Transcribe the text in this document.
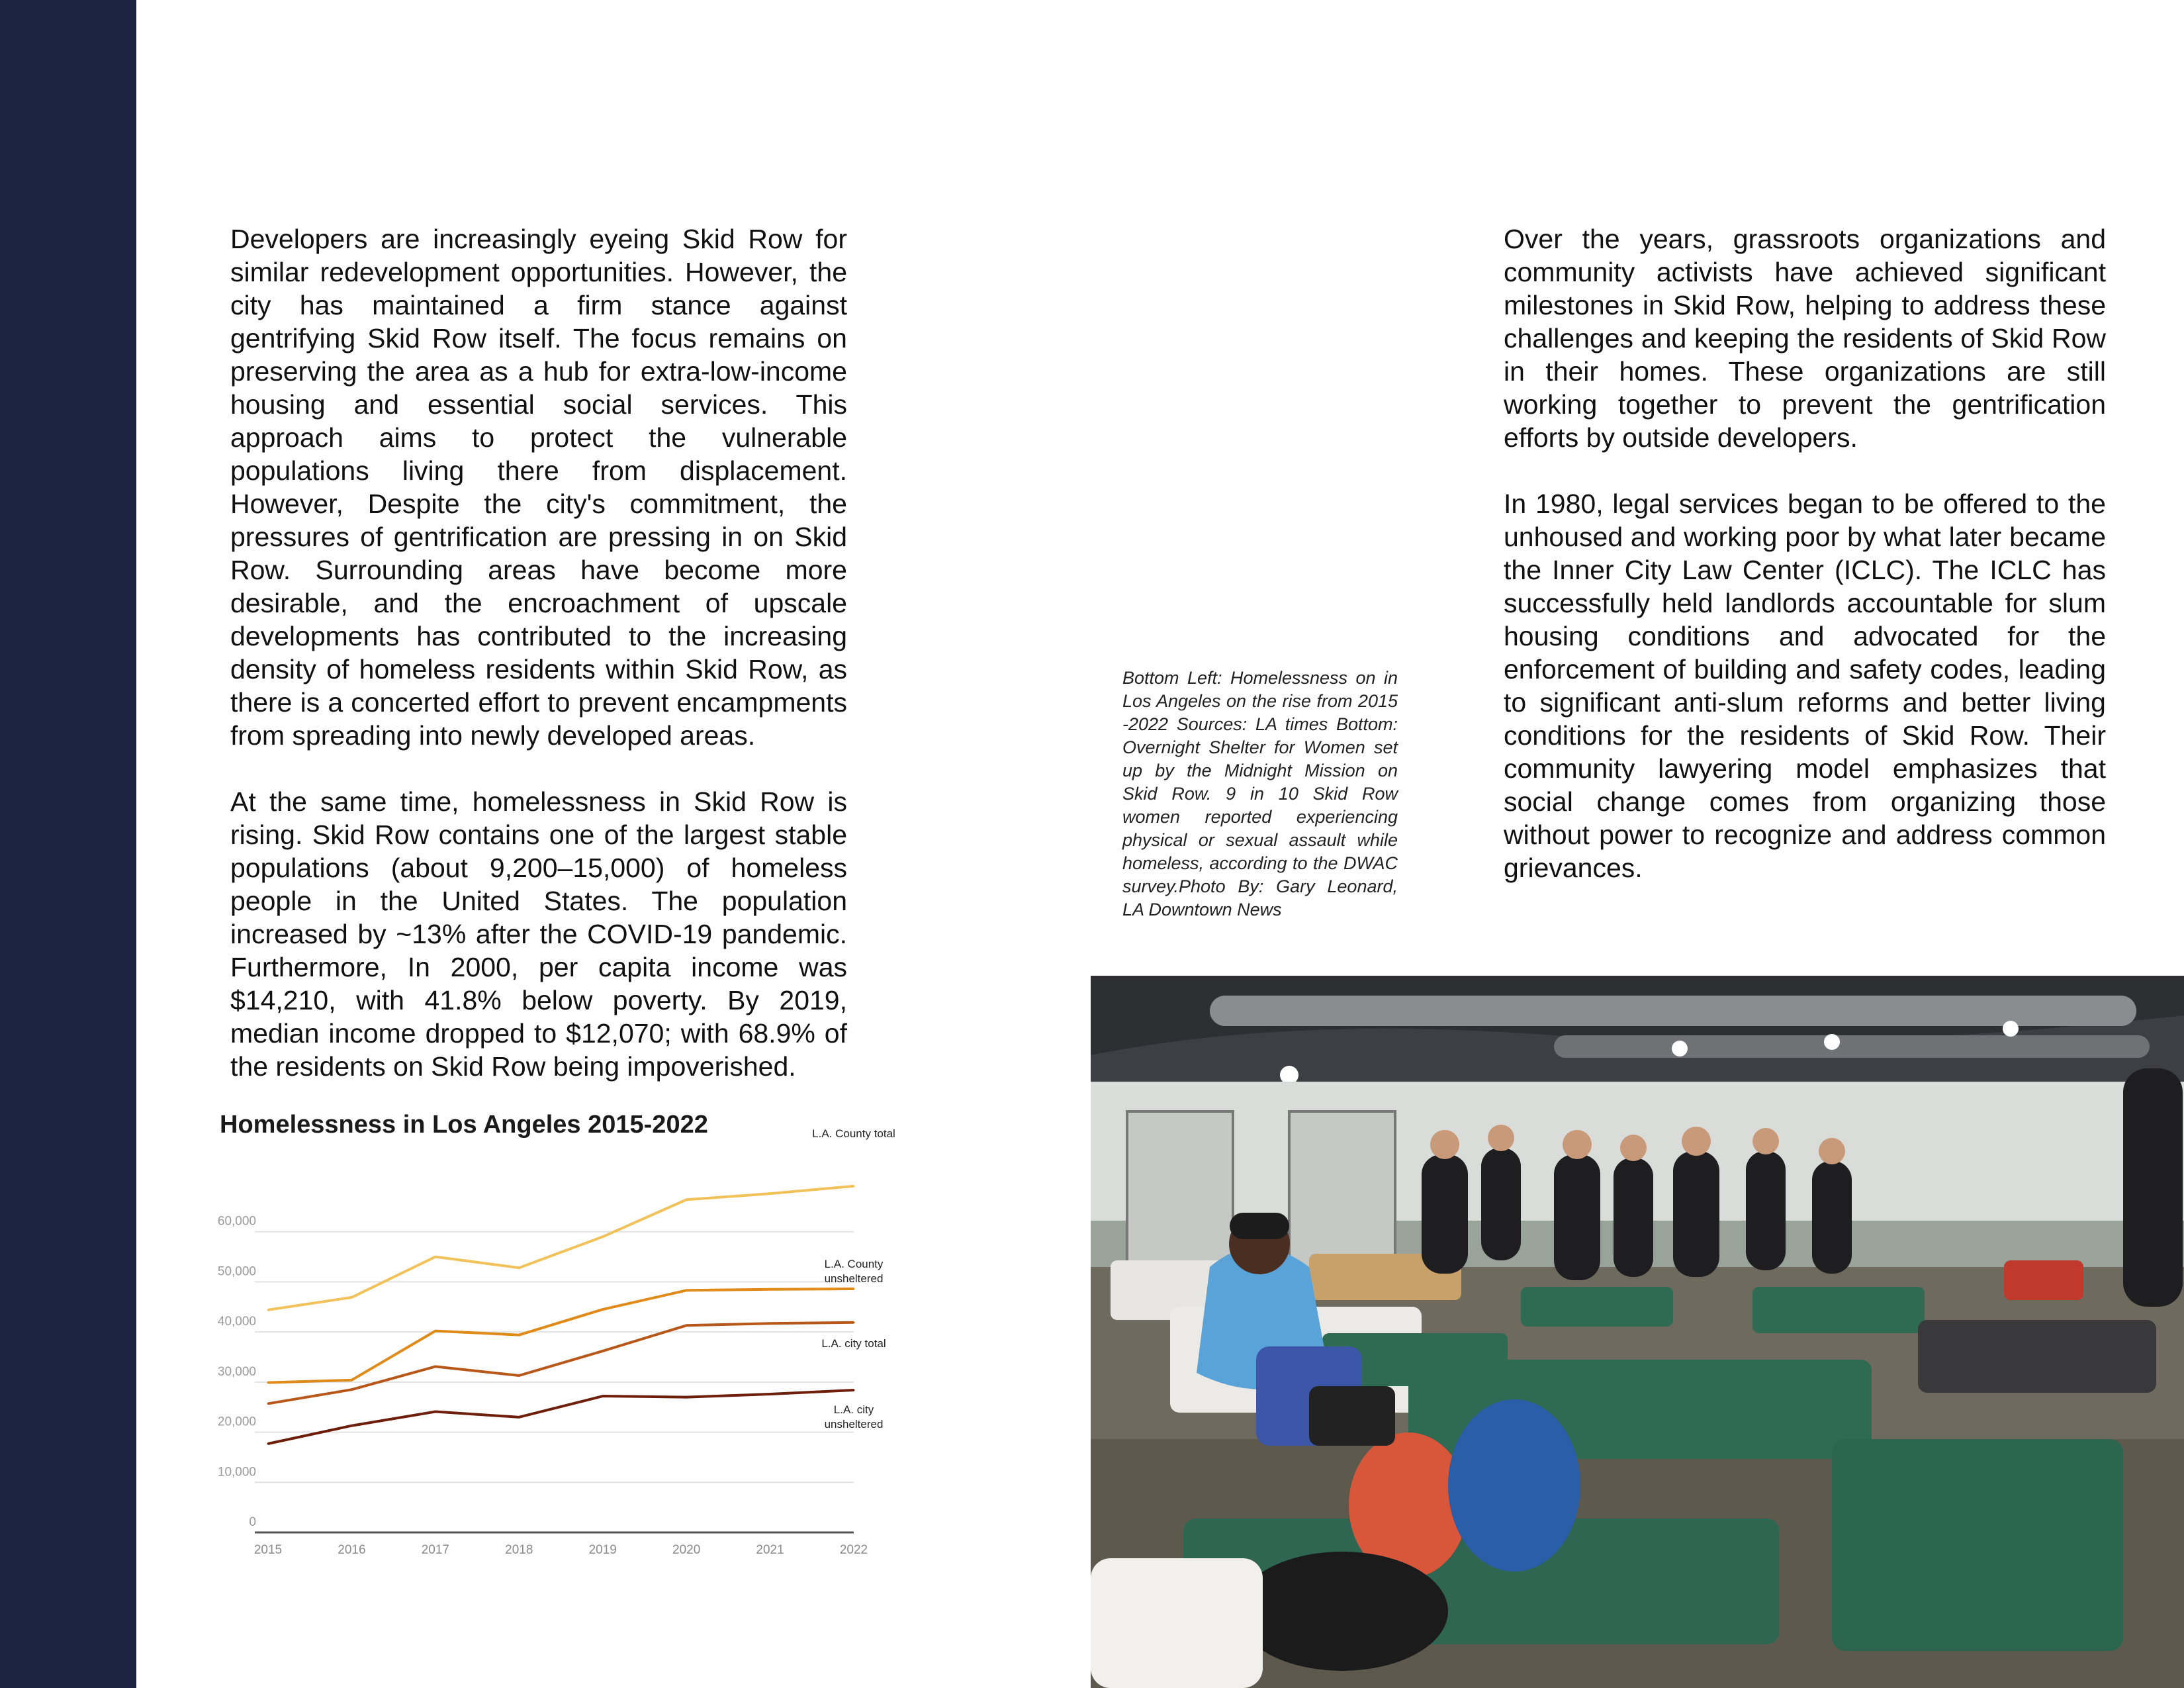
Developers are increasingly eyeing Skid Row for similar redevelopment opportunities. However, the city has maintained a firm stance against gentrifying Skid Row itself. The focus remains on preserving the area as a hub for extra-low-income housing and essential social services. This approach aims to protect the vulnerable populations living there from displacement. However, Despite the city's commitment, the pressures of gentrification are pressing in on Skid Row. Surrounding areas have become more desirable, and the encroachment of upscale developments has contributed to the increasing density of homeless residents within Skid Row, as there is a concerted effort to prevent encampments from spreading into newly developed areas.

At the same time, homelessness in Skid Row is rising. Skid Row contains one of the largest stable populations (about 9,200–15,000) of homeless people in the United States. The population increased by ~13% after the COVID-19 pandemic. Furthermore, In 2000, per capita income was $14,210, with 41.8% below poverty. By 2019, median income dropped to $12,070; with 68.9% of the residents on Skid Row being impoverished.

Over the years, grassroots organizations and community activists have achieved significant milestones in Skid Row, helping to address these challenges and keeping the residents of Skid Row in their homes. These organizations are still working together to prevent the gentrification efforts by outside developers.

In 1980, legal services began to be offered to the unhoused and working poor by what later became the Inner City Law Center (ICLC). The ICLC has successfully held landlords accountable for slum housing conditions and advocated for the enforcement of building and safety codes, leading to significant anti-slum reforms and better living conditions for the residents of Skid Row. Their community lawyering model emphasizes that social change comes from organizing those without power to recognize and address common grievances.

Bottom Left: Homelessness on in Los Angeles on the rise from 2015 -2022 Sources: LA times Bottom: Overnight Shelter for Women set up by the Midnight Mission on Skid Row. 9 in 10 Skid Row women reported experiencing physical or sexual assault while homeless, according to the DWAC survey.Photo By: Gary Leonard, LA Downtown News
Homelessness in Los Angeles 2015-2022
0
10,000
20,000
30,000
40,000
50,000
60,000
2015	2016	2017	2018	2019	2020	2021	2022
L.A. County total
L.A. County
unsheltered
L.A. city total
L.A. city
unsheltered
